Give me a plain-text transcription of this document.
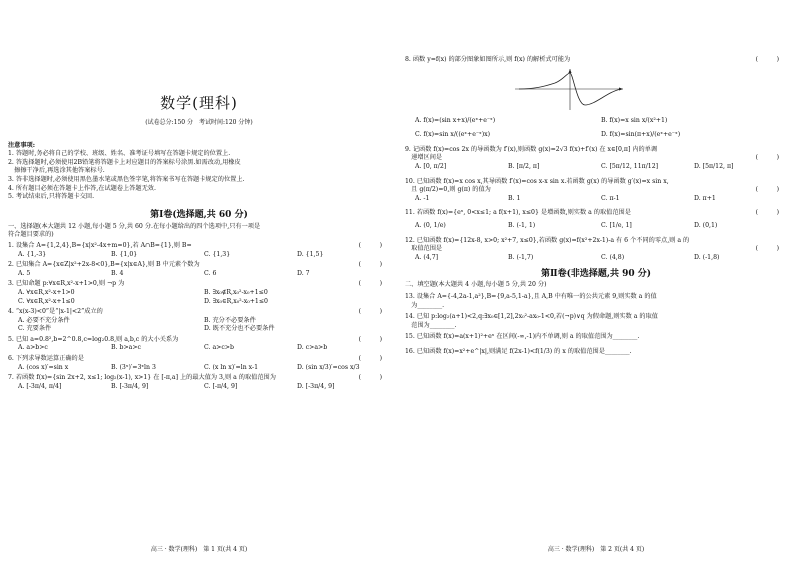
数学(理科)
(试卷总分:150 分　考试时间:120 分钟)
注意事项:
1. 答题时,务必将自己的学校、班级、姓名、准考证号填写在答题卡规定的位置上.
2. 答选择题时,必须使用2B铅笔将答题卡上对应题目的答案标号涂黑.如需改动,用橡皮
　擦擦干净后,再选涂其他答案标号.
3. 答非选择题时,必须使用黑色墨水笔或黑色签字笔,将答案书写在答题卡规定的位置上.
4. 所有题目必须在答题卡上作答,在试题卷上答题无效.
5. 考试结束后,只将答题卡交回.
第Ⅰ卷(选择题,共 60 分)
一、选择题(本大题共 12 小题,每小题 5 分,共 60 分.在每小题给出的四个选项中,只有一项是
符合题目要求的)
1. 设集合 A={1,2,4},B={x|x²-4x+m=0},若 A∩B={1},则 B=	(　　　)
A. {1,-3}	B. {1,0}	C. {1,3}	D. {1,5}
2. 已知集合 A={x∈Z|x²+2x-8<0},B={x|x∈A},则 B 中元素个数为	(　　　)
A. 5	B. 4	C. 6	D. 7
3. 已知命题 p:∀x∈R,x²-x+1>0,则 ¬p 为	(　　　)
A. ∀x∈R,x²-x+1>0	B. ∃x₀∉R,x₀²-x₀+1≤0
C. ∀x∈R,x²-x+1≤0	D. ∃x₀∈R,x₀²-x₀+1≤0
4. “x(x-3)<0”是“|x-1|<2”成立的	(　　　)
A. 必要不充分条件	B. 充分不必要条件
C. 充要条件	D. 既不充分也不必要条件
5. 已知 a=0.8²,b=2^0.8,c=log₂0.8,则 a,b,c 的大小关系为	(　　　)
A. a>b>c	B. b>a>c	C. a>c>b	D. c>a>b
6. 下列求导数运算正确的是	(　　　)
A. (cos x)′=sin x	B. (3ˣ)′=3ˣln 3	C. (x ln x)′=ln x-1	D. (sin x/3)′=cos x/3
7. 若函数 f(x)={sin 2x+2, x≤1; log₂(x-1), x>1} 在 [-π,a] 上的最大值为 3,则 a 的取值范围为	(　　　)
A. [-3π/4, π/4]	B. [-3π/4, 9]	C. [-π/4, 9]	D. [-3π/4, 9]
高三 · 数学(理科)　第 1 页(共 4 页)
8. 函数 y=f(x) 的部分图象如图所示,则 f(x) 的解析式可能为	(　　　)
A. f(x)=(sin x+x)/(eˣ+e⁻ˣ)	B. f(x)=x sin x/(x²+1)
C. f(x)=sin x/((eˣ+e⁻ˣ)x)	D. f(x)=sin(π+x)/(eˣ+e⁻ˣ)
9. 记函数 f(x)=cos 2x 的导函数为 f′(x),则函数 g(x)=2√3 f(x)+f′(x) 在 x∈[0,π] 内的单调
　递增区间是	(　　　)
A. [0, π/2]	B. [π/2, π]	C. [5π/12, 11π/12]	D. [5π/12, π]
10. 已知函数 f(x)=x cos x,其导函数 f′(x)=cos x-x sin x.若函数 g(x) 的导函数 g′(x)=x sin x,
　且 g(π/2)=0,则 g(π) 的值为	(　　　)
A. -1	B. 1	C. π-1	D. π+1
11. 若函数 f(x)={eˣ, 0<x≤1; a f(x+1), x≤0} 是增函数,则实数 a 的取值范围是	(　　　)
A. (0, 1/e)	B. (-1, 1)	C. [1/e, 1]	D. (0,1)
12. 已知函数 f(x)={12x-8, x>0; x²+7, x≤0},若函数 g(x)=f(x²+2x-1)-a 有 6 个不同的零点,则 a 的
　取值范围是	(　　　)
A. (4,7]	B. (-1,7)	C. (4,8)	D. (-1,8)
第Ⅱ卷(非选择题,共 90 分)
二、填空题(本大题共 4 小题,每小题 5 分,共 20 分)
13. 设集合 A={-4,2a-1,a²},B={9,a-5,1-a},且 A,B 中有唯一的公共元素 9,则实数 a 的值
　为________.
14. 已知 p:log₂(a+1)<2,q:∃x₀∈[1,2],2x₀²-ax₀-1<0,若(¬p)∨q 为假命题,则实数 a 的取值
　范围为________.
15. 已知函数 f(x)=a(x+1)²+eˣ 在区间(-∞,-1)内不单调,则 a 的取值范围为________.
16. 已知函数 f(x)=x²+e^|x|,则满足 f(2x-1)<f(1/3) 的 x 的取值范围是________.
高三 · 数学(理科)　第 2 页(共 4 页)
